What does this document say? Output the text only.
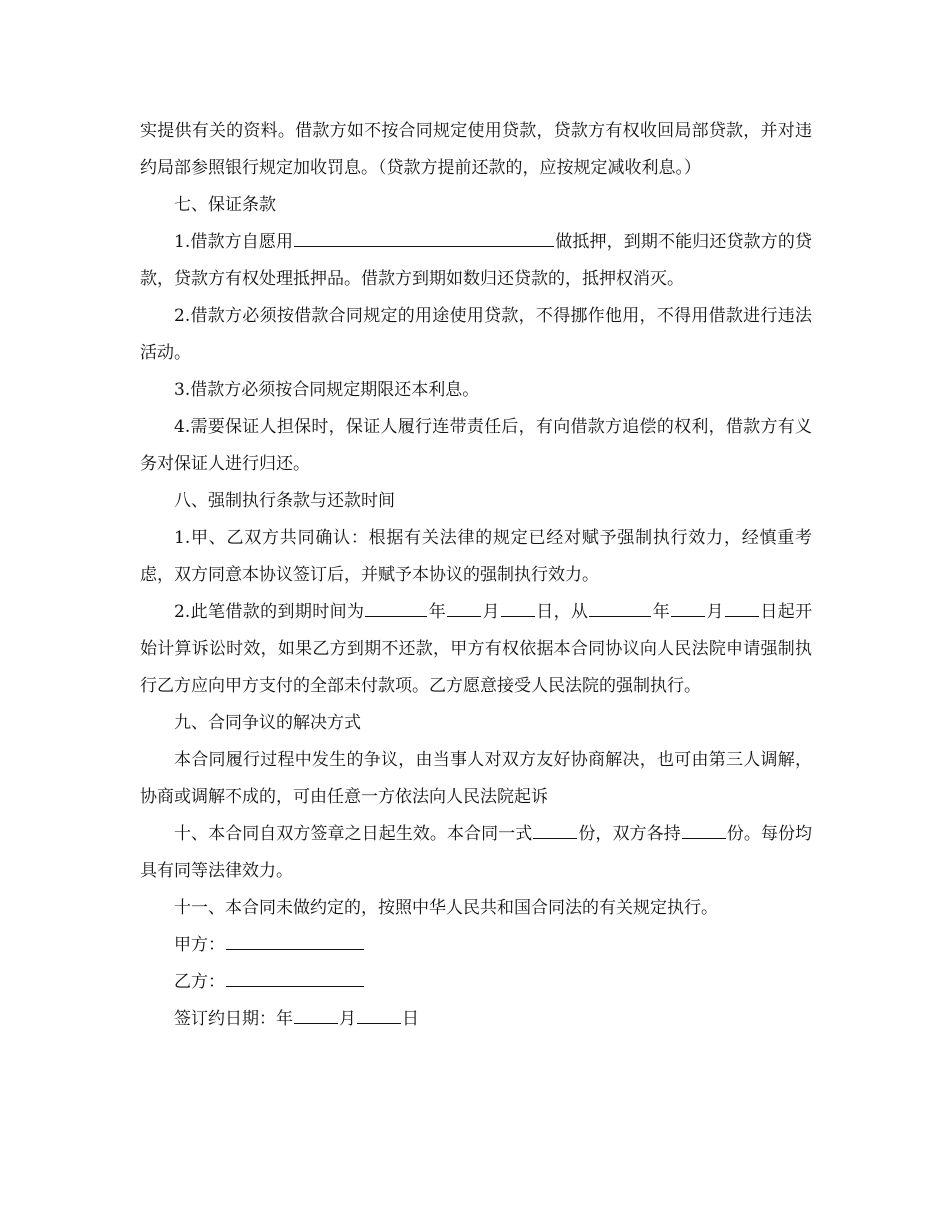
实提供有关的资料。借款方如不按合同规定使用贷款，贷款方有权收回局部贷款，并对违约局部参照银行规定加收罚息。（贷款方提前还款的，应按规定减收利息。）

七、保证条款

1.借款方自愿用	做抵押，到期不能归还贷款方的贷款，贷款方有权处理抵押品。借款方到期如数归还贷款的，抵押权消灭。

2.借款方必须按借款合同规定的用途使用贷款，不得挪作他用，不得用借款进行违法活动。

3.借款方必须按合同规定期限还本利息。

4.需要保证人担保时，保证人履行连带责任后，有向借款方追偿的权利，借款方有义务对保证人进行归还。

八、强制执行条款与还款时间

1.甲、乙双方共同确认：根据有关法律的规定已经对赋予强制执行效力，经慎重考虑，双方同意本协议签订后，并赋予本协议的强制执行效力。

2.此笔借款的到期时间为	年 月 日，从	年 月 日起开始计算诉讼时效，如果乙方到期不还款，甲方有权依据本合同协议向人民法院申请强制执行乙方应向甲方支付的全部未付款项。乙方愿意接受人民法院的强制执行。

九、合同争议的解决方式

本合同履行过程中发生的争议，由当事人对双方友好协商解决，也可由第三人调解，协商或调解不成的，可由任意一方依法向人民法院起诉

十、本合同自双方签章之日起生效。本合同一式	份，双方各持	份。每份均具有同等法律效力。

十一、本合同未做约定的，按照中华人民共和国合同法的有关规定执行。

甲方：

乙方：

签订约日期：年	月	日
